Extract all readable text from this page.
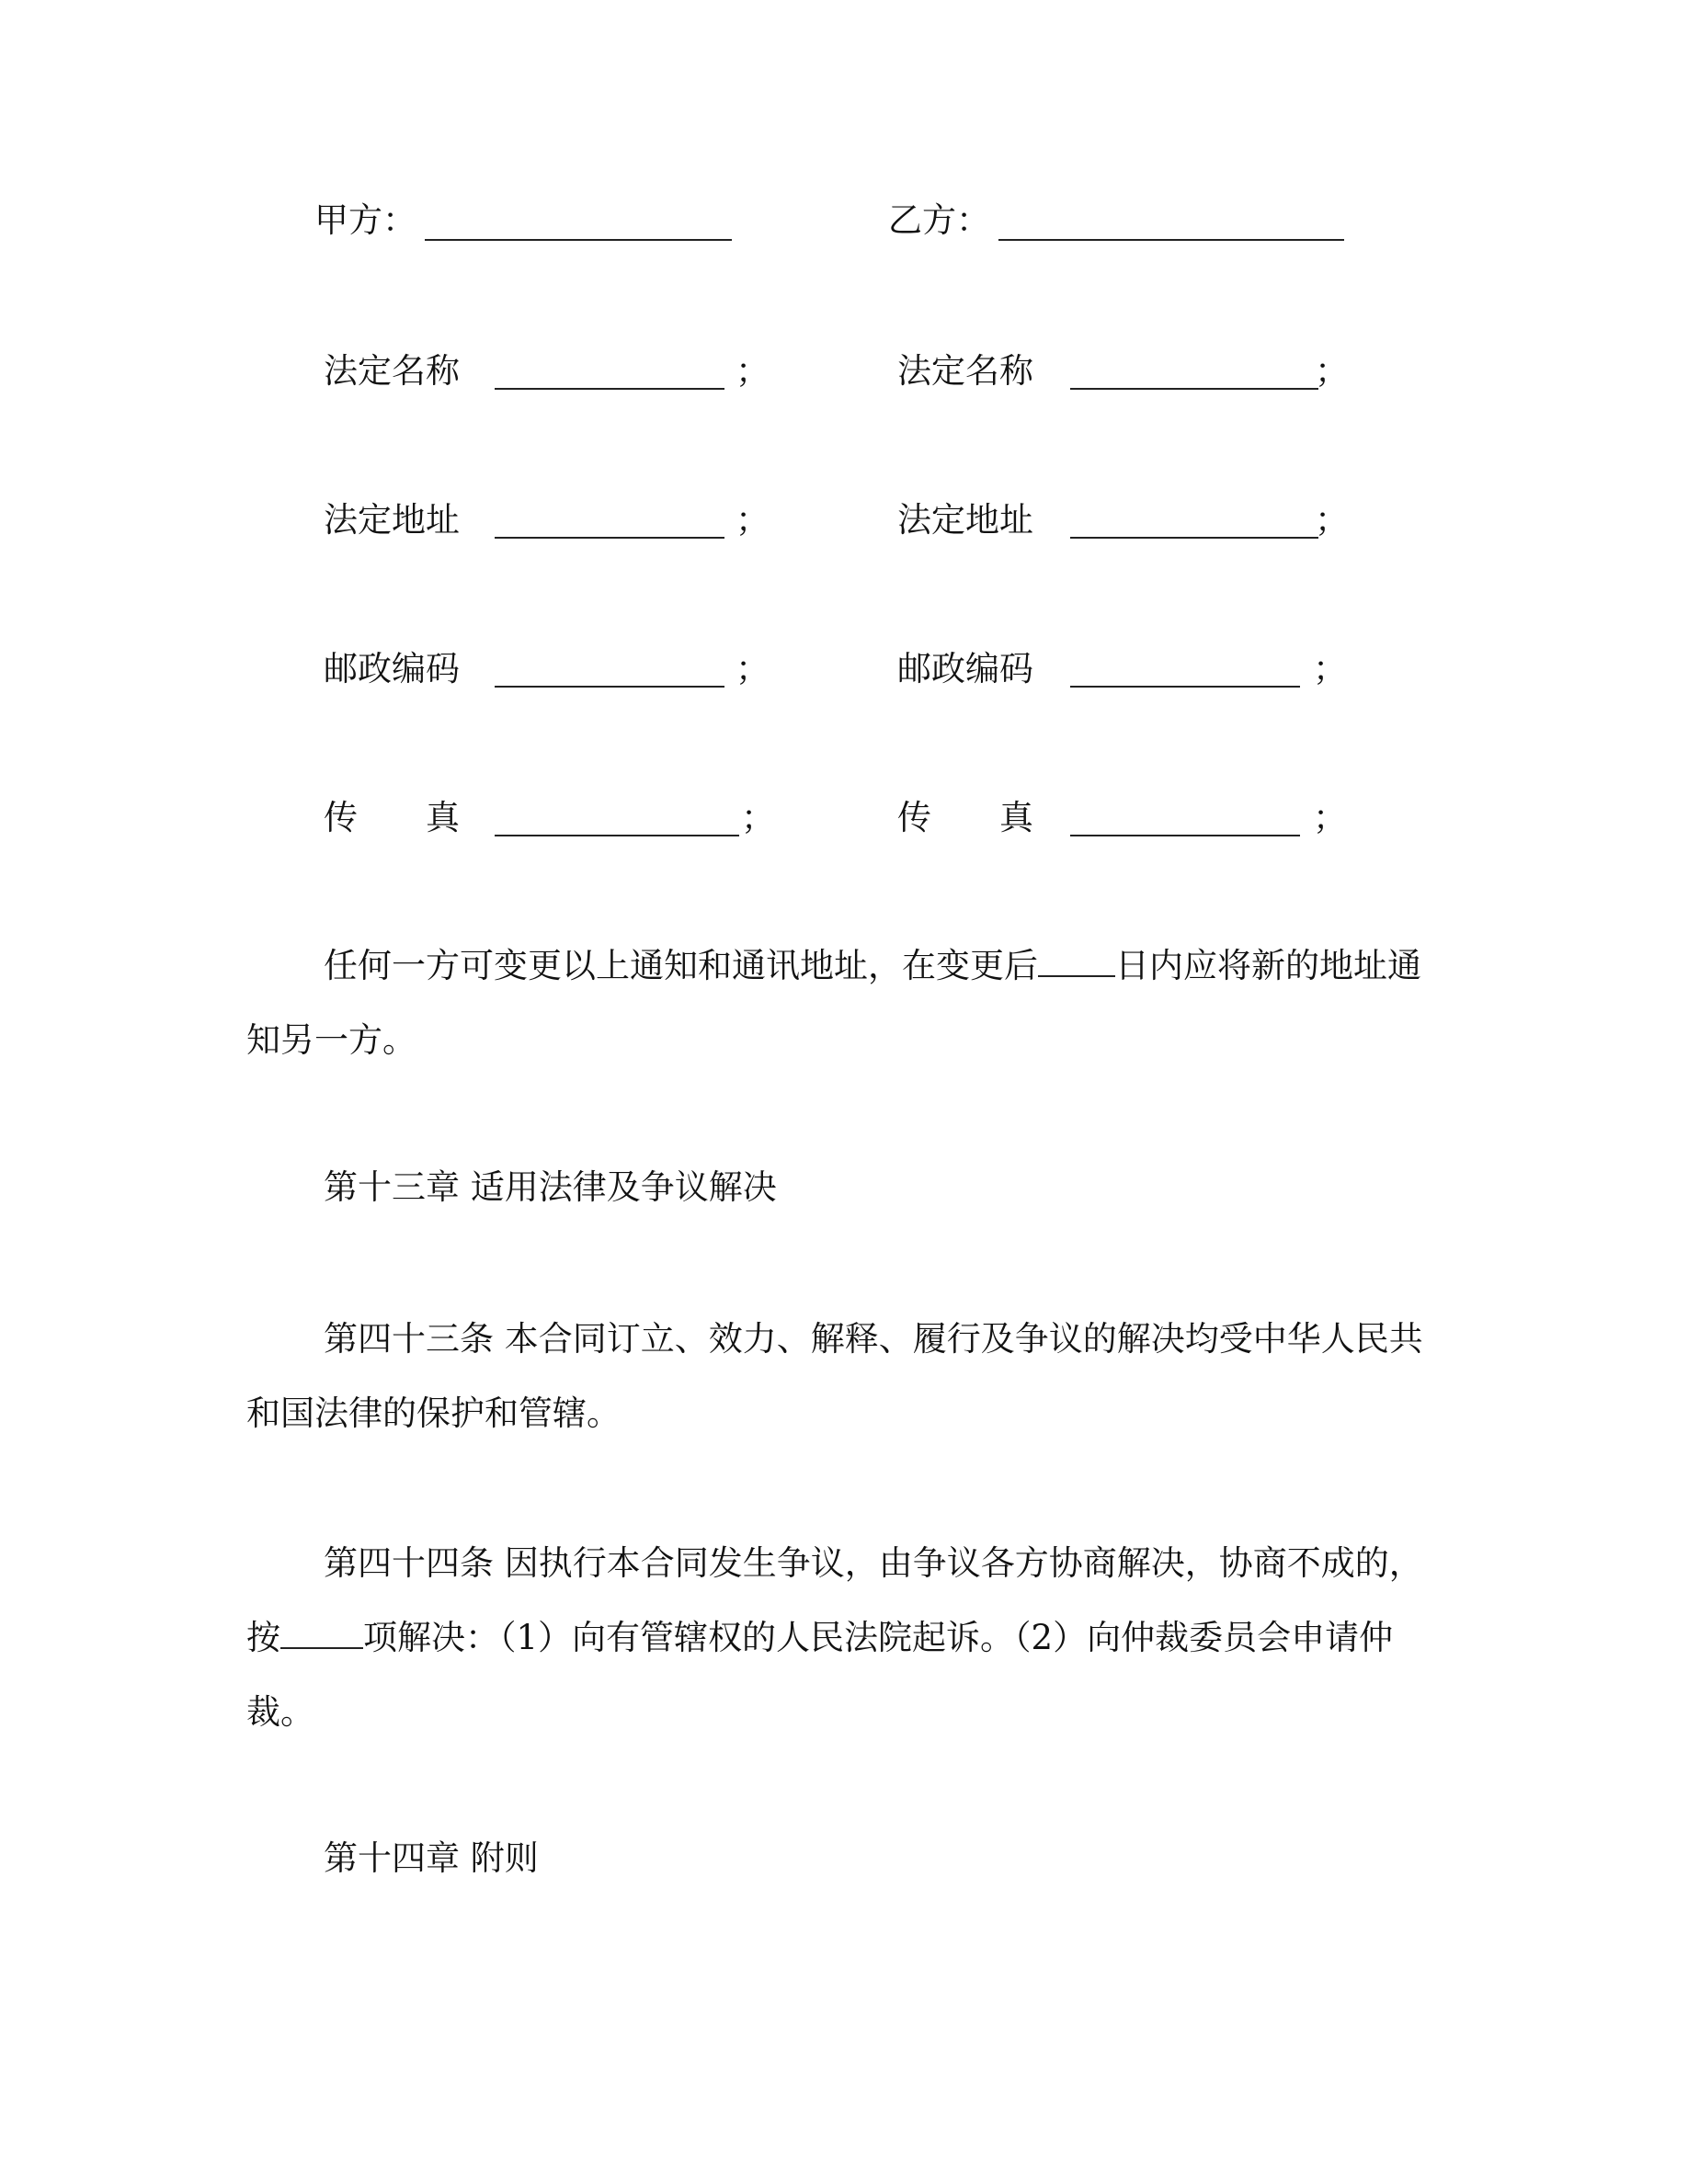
甲方：	乙方：
法定名称	；	法定名称	；
法定地址	；	法定地址	；
邮政编码	；	邮政编码	；
传　　真	；	传　　真	；
任何一方可变更以上通知和通讯地址，在变更后 日内应将新的地址通知另一方。
第十三章 适用法律及争议解决
第四十三条 本合同订立、效力、解释、履行及争议的解决均受中华人民共和国法律的保护和管辖。
第四十四条 因执行本合同发生争议，由争议各方协商解决，协商不成的，按 项解决：（1）向有管辖权的人民法院起诉。（2）向仲裁委员会申请仲裁。
第十四章 附则
